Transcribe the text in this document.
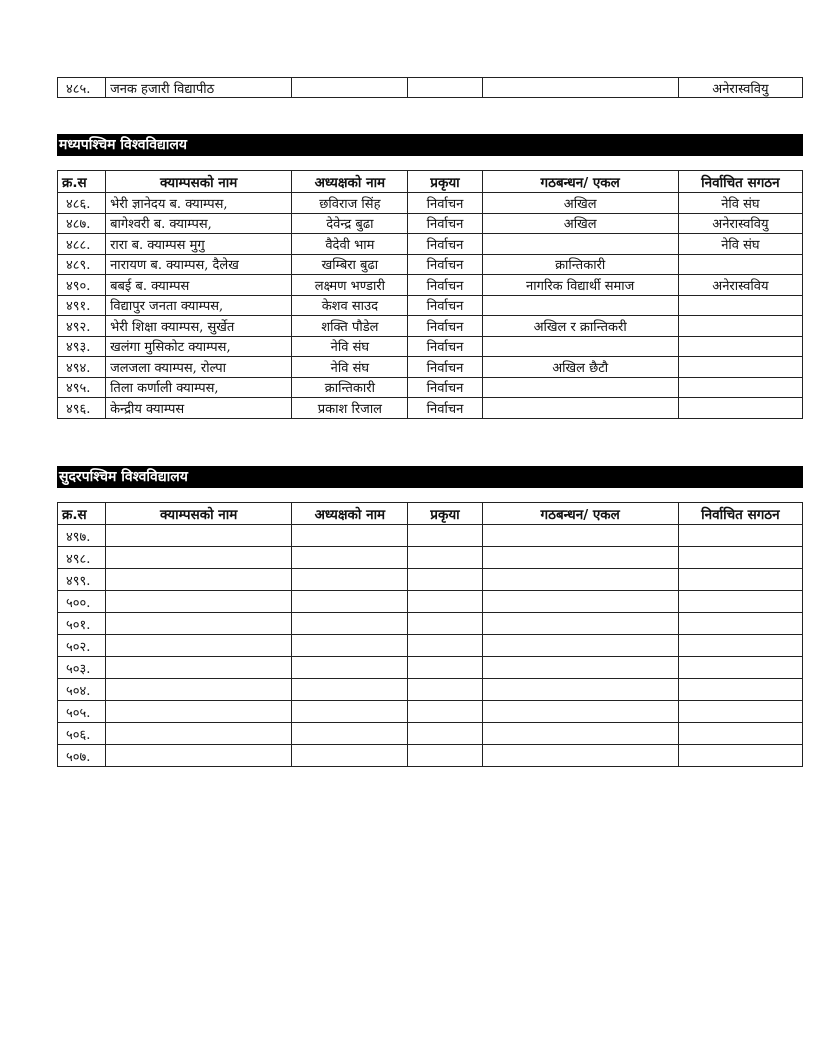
४८५.	जनक हजारी विद्यापीठ				अनेरास्ववियु
मध्यपश्चिम विश्वविद्यालय
क्र.स	क्याम्पसको नाम	अध्यक्षको नाम	प्रकृया	गठबन्धन/ एकल	निर्वाचित सगठन
४८६.	भेरी ज्ञानेदय ब. क्याम्पस,	छविराज सिंह	निर्वाचन	अखिल	नेवि संघ
४८७.	बागेश्वरी ब. क्याम्पस,	देवेन्द्र बुढा	निर्वाचन	अखिल	अनेरास्ववियु
४८८.	रारा ब. क्याम्पस मुगु	वैदेवी भाम	निर्वाचन		नेवि संघ
४८९.	नारायण ब. क्याम्पस, दैलेख	खम्बिरा बुढा	निर्वाचन	क्रान्तिकारी	
४९०.	बबई ब. क्याम्पस	लक्ष्मण भण्डारी	निर्वाचन	नागरिक विद्यार्थी समाज	अनेरास्वविय
४९१.	विद्यापुर जनता क्याम्पस,	केशव साउद	निर्वाचन		
४९२.	भेरी शिक्षा क्याम्पस, सुर्खेत	शक्ति पौडेल	निर्वाचन	अखिल र क्रान्तिकरी	
४९३.	खलंगा मुसिकोट क्याम्पस,	नेवि संघ	निर्वाचन		
४९४.	जलजला क्याम्पस, रोल्पा	नेवि संघ	निर्वाचन	अखिल छैटौ	
४९५.	तिला कर्णाली क्याम्पस,	क्रान्तिकारी	निर्वाचन		
४९६.	केन्द्रीय क्याम्पस	प्रकाश रिजाल	निर्वाचन		
सुदरपश्चिम विश्वविद्यालय
क्र.स	क्याम्पसको नाम	अध्यक्षको नाम	प्रकृया	गठबन्धन/ एकल	निर्वाचित सगठन
४९७.					
४९८.					
४९९.					
५००.					
५०१.					
५०२.					
५०३.					
५०४.					
५०५.					
५०६.					
५०७.					
